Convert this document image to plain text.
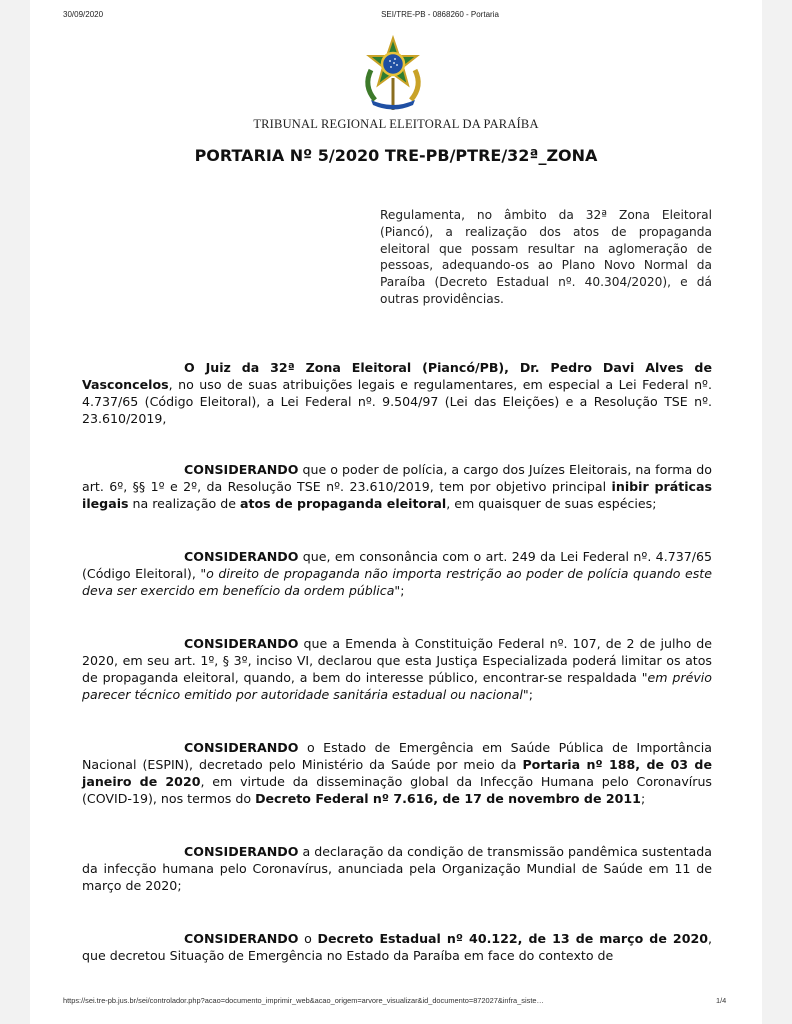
30/09/2020	SEI/TRE-PB - 0868260 - Portaria
TRIBUNAL REGIONAL ELEITORAL DA PARAÍBA
PORTARIA Nº 5/2020 TRE-PB/PTRE/32ª_ZONA
Regulamenta, no âmbito da 32ª Zona Eleitoral (Piancó), a realização dos atos de propaganda eleitoral que possam resultar na aglomeração de pessoas, adequando-os ao Plano Novo Normal da Paraíba (Decreto Estadual nº. 40.304/2020), e dá outras providências.

O Juiz da 32ª Zona Eleitoral (Piancó/PB), Dr. Pedro Davi Alves de Vasconcelos, no uso de suas atribuições legais e regulamentares, em especial a Lei Federal nº. 4.737/65 (Código Eleitoral), a Lei Federal nº. 9.504/97 (Lei das Eleições) e a Resolução TSE nº. 23.610/2019,

CONSIDERANDO que o poder de polícia, a cargo dos Juízes Eleitorais, na forma do art. 6º, §§ 1º e 2º, da Resolução TSE nº. 23.610/2019, tem por objetivo principal inibir práticas ilegais na realização de atos de propaganda eleitoral, em quaisquer de suas espécies;

CONSIDERANDO que, em consonância com o art. 249 da Lei Federal nº. 4.737/65 (Código Eleitoral), "o direito de propaganda não importa restrição ao poder de polícia quando este deva ser exercido em benefício da ordem pública";

CONSIDERANDO que a Emenda à Constituição Federal nº. 107, de 2 de julho de 2020, em seu art. 1º, § 3º, inciso VI, declarou que esta Justiça Especializada poderá limitar os atos de propaganda eleitoral, quando, a bem do interesse público, encontrar-se respaldada "em prévio parecer técnico emitido por autoridade sanitária estadual ou nacional";

CONSIDERANDO o Estado de Emergência em Saúde Pública de Importância Nacional (ESPIN), decretado pelo Ministério da Saúde por meio da Portaria nº 188, de 03 de janeiro de 2020, em virtude da disseminação global da Infecção Humana pelo Coronavírus (COVID-19), nos termos do Decreto Federal nº 7.616, de 17 de novembro de 2011;

CONSIDERANDO a declaração da condição de transmissão pandêmica sustentada da infecção humana pelo Coronavírus, anunciada pela Organização Mundial de Saúde em 11 de março de 2020;

CONSIDERANDO o Decreto Estadual nº 40.122, de 13 de março de 2020, que decretou Situação de Emergência no Estado da Paraíba em face do contexto de

https://sei.tre-pb.jus.br/sei/controlador.php?acao=documento_imprimir_web&acao_origem=arvore_visualizar&id_documento=872027&infra_siste…	1/4
